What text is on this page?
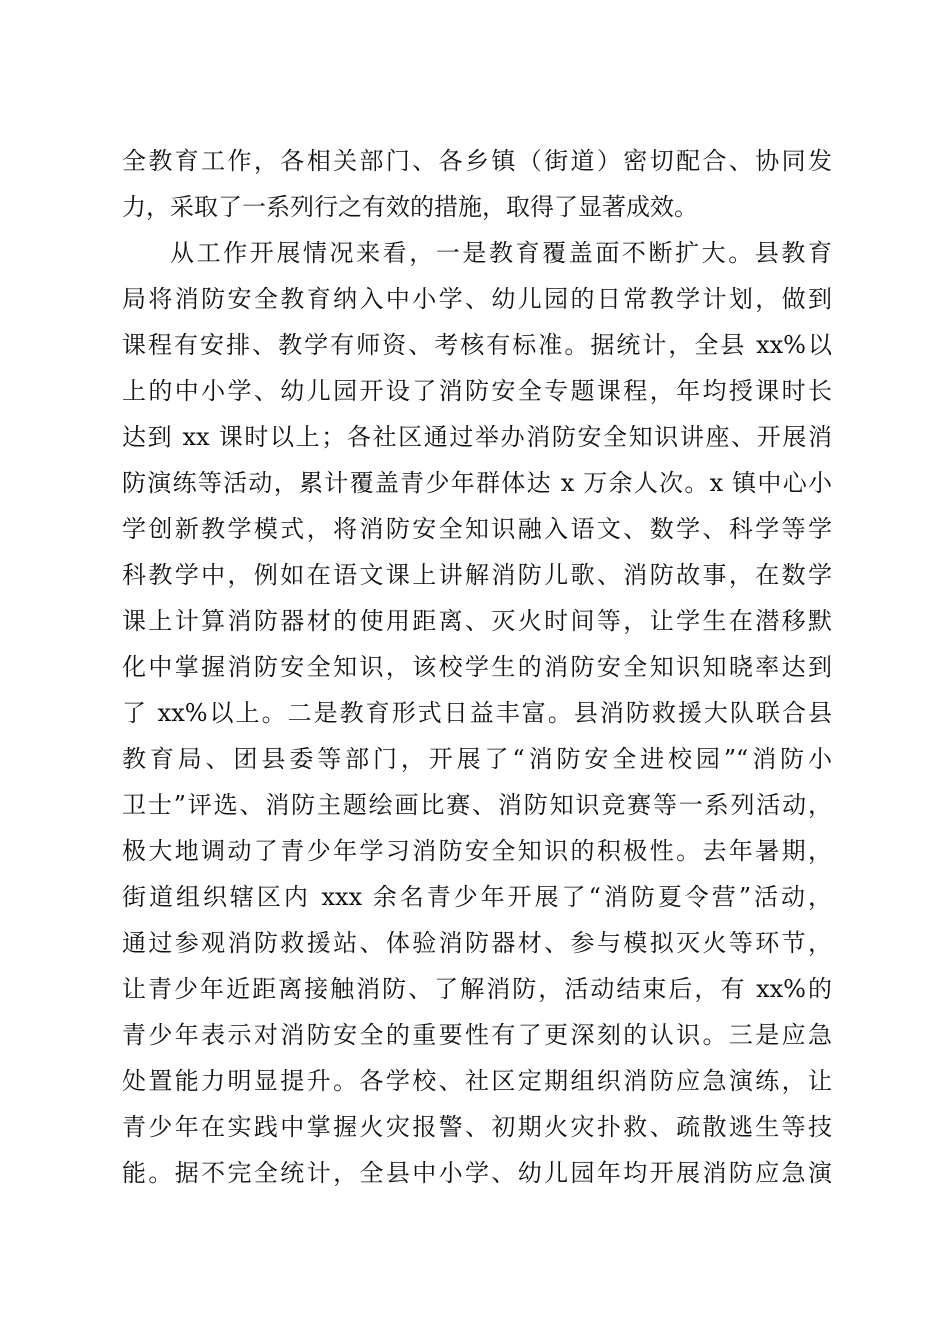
全教育工作，各相关部门、各乡镇（街道）密切配合、协同发
力，采取了一系列行之有效的措施，取得了显著成效。
从工作开展情况来看，一是教育覆盖面不断扩大。县教育
局将消防安全教育纳入中小学、幼儿园的日常教学计划，做到
课程有安排、教学有师资、考核有标准。据统计，全县 xx%以
上的中小学、幼儿园开设了消防安全专题课程，年均授课时长
达到 xx 课时以上；各社区通过举办消防安全知识讲座、开展消
防演练等活动，累计覆盖青少年群体达 x 万余人次。x 镇中心小
学创新教学模式，将消防安全知识融入语文、数学、科学等学
科教学中，例如在语文课上讲解消防儿歌、消防故事，在数学
课上计算消防器材的使用距离、灭火时间等，让学生在潜移默
化中掌握消防安全知识，该校学生的消防安全知识知晓率达到
了 xx%以上。二是教育形式日益丰富。县消防救援大队联合县
教育局、团县委等部门，开展了“消防安全进校园”“消防小
卫士”评选、消防主题绘画比赛、消防知识竞赛等一系列活动，
极大地调动了青少年学习消防安全知识的积极性。去年暑期，
街道组织辖区内 xxx 余名青少年开展了“消防夏令营”活动，
通过参观消防救援站、体验消防器材、参与模拟灭火等环节，
让青少年近距离接触消防、了解消防，活动结束后，有 xx%的
青少年表示对消防安全的重要性有了更深刻的认识。三是应急
处置能力明显提升。各学校、社区定期组织消防应急演练，让
青少年在实践中掌握火灾报警、初期火灾扑救、疏散逃生等技
能。据不完全统计，全县中小学、幼儿园年均开展消防应急演
